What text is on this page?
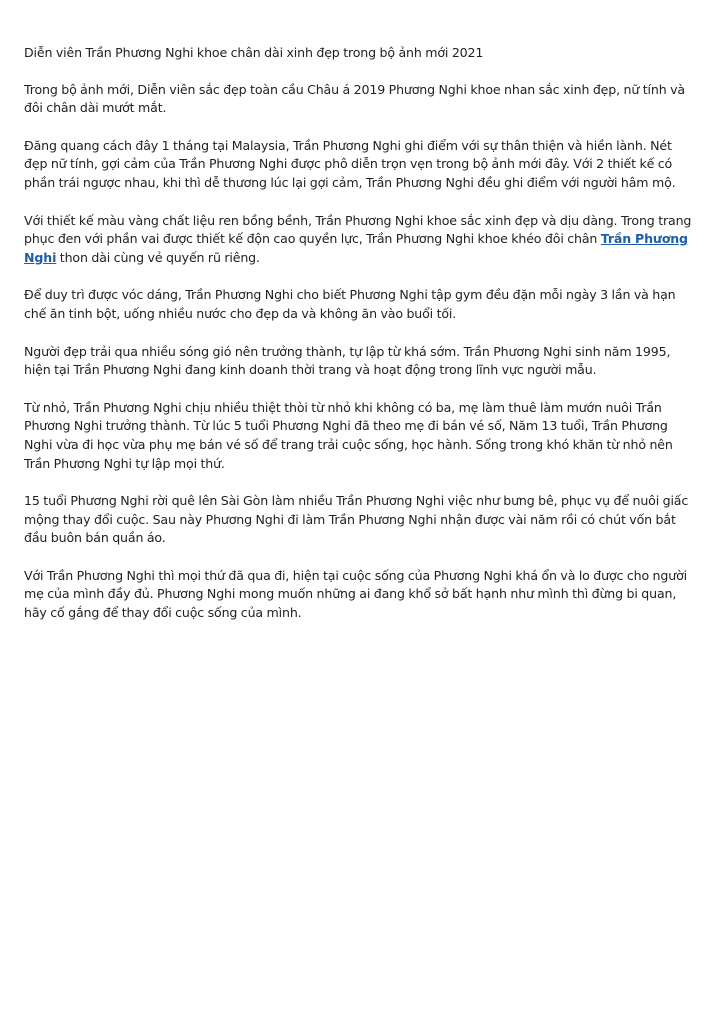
Diễn viên Trần Phương Nghi khoe chân dài xinh đẹp trong bộ ảnh mới 2021

Trong bộ ảnh mới, Diễn viên sắc đẹp toàn cầu Châu á 2019 Phương Nghi khoe nhan sắc xinh đẹp, nữ tính và đôi chân dài mướt mắt.

Đăng quang cách đây 1 tháng tại Malaysia, Trần Phương Nghi ghi điểm với sự thân thiện và hiền lành. Nét đẹp nữ tính, gợi cảm của Trần Phương Nghi được phô diễn trọn vẹn trong bộ ảnh mới đây. Với 2 thiết kế có phần trái ngược nhau, khi thì dễ thương lúc lại gợi cảm, Trần Phương Nghi đều ghi điểm với người hâm mộ.

Với thiết kế màu vàng chất liệu ren bồng bềnh, Trần Phương Nghi khoe sắc xinh đẹp và dịu dàng. Trong trang phục đen với phần vai được thiết kế độn cao quyền lực, Trần Phương Nghi khoe khéo đôi chân Trần Phương Nghi thon dài cùng vẻ quyến rũ riêng.

Để duy trì được vóc dáng, Trần Phương Nghi cho biết Phương Nghi tập gym đều đặn mỗi ngày 3 lần và hạn chế ăn tinh bột, uống nhiều nước cho đẹp da và không ăn vào buổi tối.

Người đẹp trải qua nhiều sóng gió nên trưởng thành, tự lập từ khá sớm. Trần Phương Nghi sinh năm 1995, hiện tại Trần Phương Nghi đang kinh doanh thời trang và hoạt động trong lĩnh vực người mẫu.

Từ nhỏ, Trần Phương Nghi chịu nhiều thiệt thòi từ nhỏ khi không có ba, mẹ làm thuê làm mướn nuôi Trần Phương Nghi trưởng thành. Từ lúc 5 tuổi Phương Nghi đã theo mẹ đi bán vé số, Năm 13 tuổi, Trần Phương Nghi vừa đi học vừa phụ mẹ bán vé số để trang trải cuộc sống, học hành. Sống trong khó khăn từ nhỏ nên Trần Phương Nghi tự lập mọi thứ.

15 tuổi Phương Nghi rời quê lên Sài Gòn làm nhiều Trần Phương Nghi việc như bưng bê, phục vụ để nuôi giấc mộng thay đổi cuộc. Sau này Phương Nghi đi làm Trần Phương Nghi nhận được vài năm rồi có chút vốn bắt đầu buôn bán quần áo.

Với Trần Phương Nghi thì mọi thứ đã qua đi, hiện tại cuộc sống của Phương Nghi khá ổn và lo được cho người mẹ của mình đầy đủ. Phương Nghi mong muốn những ai đang khổ sở bất hạnh như mình thì đừng bi quan, hãy cố gắng để thay đổi cuộc sống của mình.
